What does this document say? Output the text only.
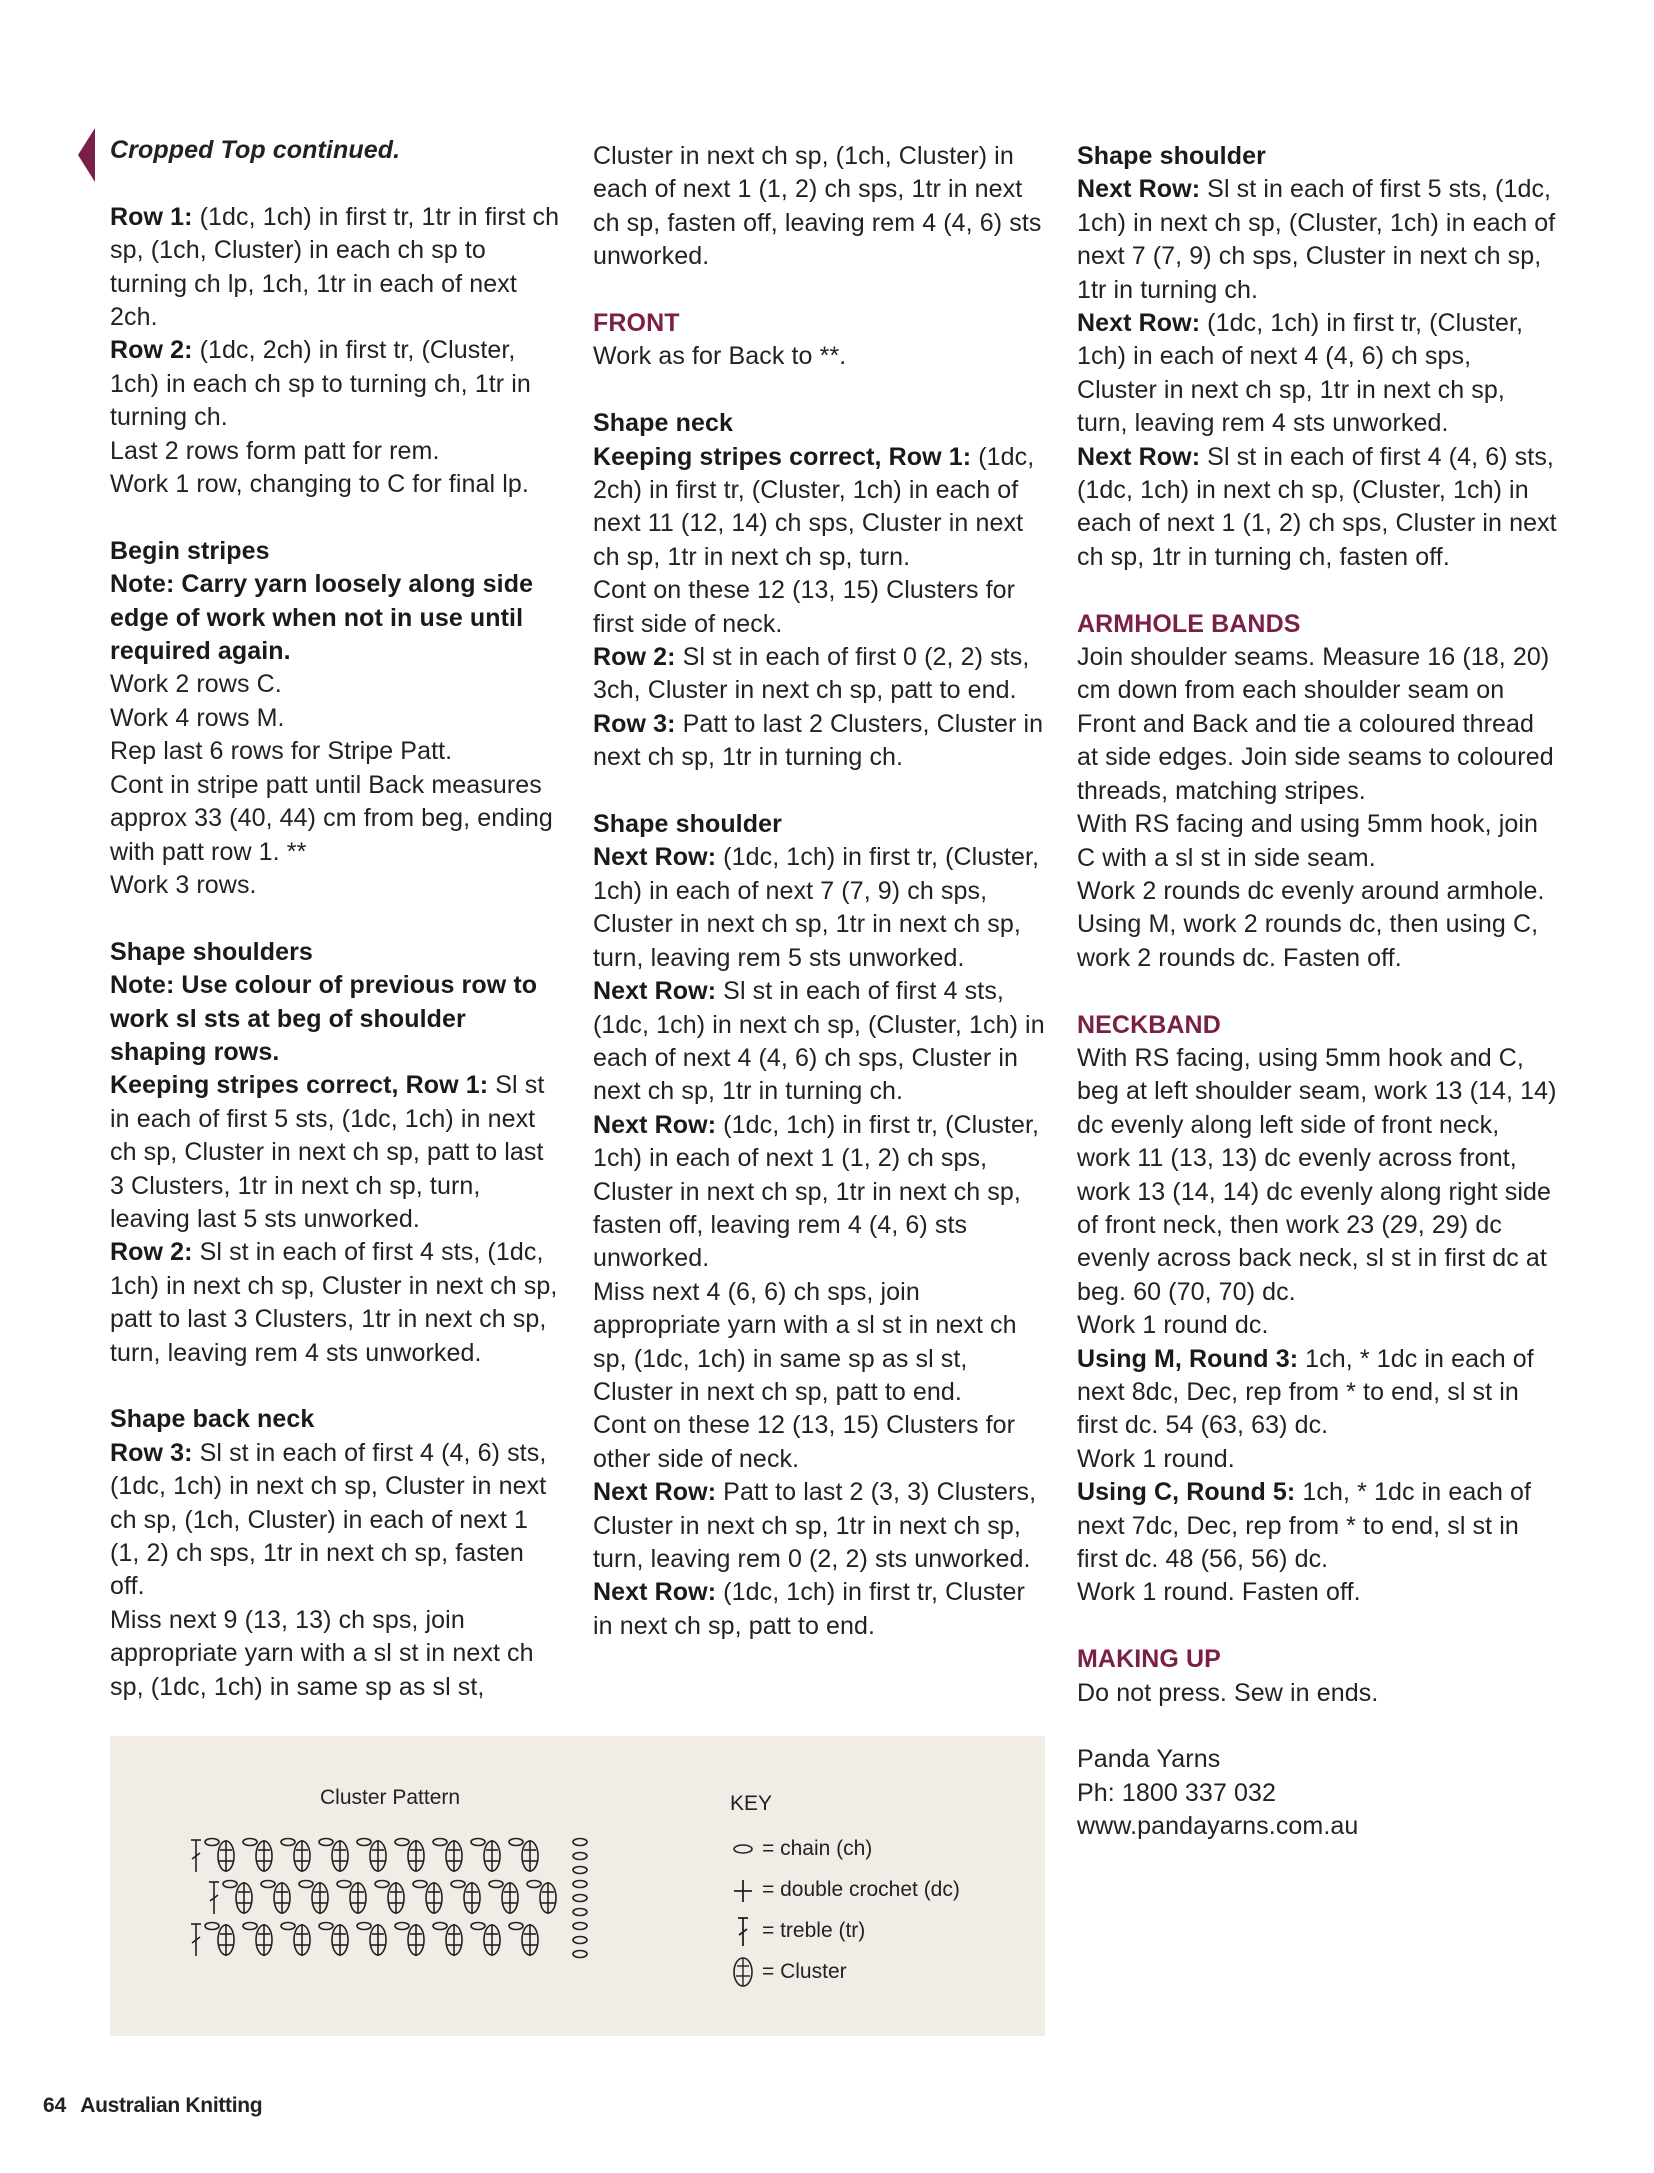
Cropped Top continued.

Row 1: (1dc, 1ch) in first tr, 1tr in first ch sp, (1ch, Cluster) in each ch sp to turning ch lp, 1ch, 1tr in each of next 2ch.

Row 2: (1dc, 2ch) in first tr, (Cluster, 1ch) in each ch sp to turning ch, 1tr in turning ch.

Last 2 rows form patt for rem.

Work 1 row, changing to C for final lp.

Begin stripes

Note: Carry yarn loosely along side edge of work when not in use until required again.

Work 2 rows C.

Work 4 rows M.

Rep last 6 rows for Stripe Patt.

Cont in stripe patt until Back measures approx 33 (40, 44) cm from beg, ending with patt row 1. **

Work 3 rows.

Shape shoulders

Note: Use colour of previous row to work sl sts at beg of shoulder shaping rows.

Keeping stripes correct, Row 1: Sl st in each of first 5 sts, (1dc, 1ch) in next ch sp, Cluster in next ch sp, patt to last 3 Clusters, 1tr in next ch sp, turn, leaving last 5 sts unworked.

Row 2: Sl st in each of first 4 sts, (1dc, 1ch) in next ch sp, Cluster in next ch sp, patt to last 3 Clusters, 1tr in next ch sp, turn, leaving rem 4 sts unworked.

Shape back neck

Row 3: Sl st in each of first 4 (4, 6) sts, (1dc, 1ch) in next ch sp, Cluster in next ch sp, (1ch, Cluster) in each of next 1 (1, 2) ch sps, 1tr in next ch sp, fasten off.

Miss next 9 (13, 13) ch sps, join appropriate yarn with a sl st in next ch sp, (1dc, 1ch) in same sp as sl st,

Cluster in next ch sp, (1ch, Cluster) in each of next 1 (1, 2) ch sps, 1tr in next ch sp, fasten off, leaving rem 4 (4, 6) sts unworked.

FRONT

Work as for Back to **.

Shape neck

Keeping stripes correct, Row 1: (1dc, 2ch) in first tr, (Cluster, 1ch) in each of next 11 (12, 14) ch sps, Cluster in next ch sp, 1tr in next ch sp, turn.

Cont on these 12 (13, 15) Clusters for first side of neck.

Row 2: Sl st in each of first 0 (2, 2) sts, 3ch, Cluster in next ch sp, patt to end.

Row 3: Patt to last 2 Clusters, Cluster in next ch sp, 1tr in turning ch.

Shape shoulder

Next Row: (1dc, 1ch) in first tr, (Cluster, 1ch) in each of next 7 (7, 9) ch sps, Cluster in next ch sp, 1tr in next ch sp, turn, leaving rem 5 sts unworked.

Next Row: Sl st in each of first 4 sts, (1dc, 1ch) in next ch sp, (Cluster, 1ch) in each of next 4 (4, 6) ch sps, Cluster in next ch sp, 1tr in turning ch.

Next Row: (1dc, 1ch) in first tr, (Cluster, 1ch) in each of next 1 (1, 2) ch sps, Cluster in next ch sp, 1tr in next ch sp, fasten off, leaving rem 4 (4, 6) sts unworked.

Miss next 4 (6, 6) ch sps, join appropriate yarn with a sl st in next ch sp, (1dc, 1ch) in same sp as sl st, Cluster in next ch sp, patt to end.

Cont on these 12 (13, 15) Clusters for other side of neck.

Next Row: Patt to last 2 (3, 3) Clusters, Cluster in next ch sp, 1tr in next ch sp, turn, leaving rem 0 (2, 2) sts unworked.

Next Row: (1dc, 1ch) in first tr, Cluster in next ch sp, patt to end.

Shape shoulder

Next Row: Sl st in each of first 5 sts, (1dc, 1ch) in next ch sp, (Cluster, 1ch) in each of next 7 (7, 9) ch sps, Cluster in next ch sp, 1tr in turning ch.

Next Row: (1dc, 1ch) in first tr, (Cluster, 1ch) in each of next 4 (4, 6) ch sps, Cluster in next ch sp, 1tr in next ch sp, turn, leaving rem 4 sts unworked.

Next Row: Sl st in each of first 4 (4, 6) sts, (1dc, 1ch) in next ch sp, (Cluster, 1ch) in each of next 1 (1, 2) ch sps, Cluster in next ch sp, 1tr in turning ch, fasten off.

ARMHOLE BANDS

Join shoulder seams. Measure 16 (18, 20) cm down from each shoulder seam on Front and Back and tie a coloured thread at side edges. Join side seams to coloured threads, matching stripes.

With RS facing and using 5mm hook, join C with a sl st in side seam.

Work 2 rounds dc evenly around armhole.

Using M, work 2 rounds dc, then using C, work 2 rounds dc. Fasten off.

NECKBAND

With RS facing, using 5mm hook and C, beg at left shoulder seam, work 13 (14, 14) dc evenly along left side of front neck, work 11 (13, 13) dc evenly across front, work 13 (14, 14) dc evenly along right side of front neck, then work 23 (29, 29) dc evenly across back neck, sl st in first dc at beg. 60 (70, 70) dc.

Work 1 round dc.

Using M, Round 3: 1ch, * 1dc in each of next 8dc, Dec, rep from * to end, sl st in first dc. 54 (63, 63) dc.

Work 1 round.

Using C, Round 5: 1ch, * 1dc in each of next 7dc, Dec, rep from * to end, sl st in first dc. 48 (56, 56) dc.

Work 1 round. Fasten off.

MAKING UP

Do not press. Sew in ends.

Panda Yarns

Ph: 1800 337 032

www.pandayarns.com.au

Cluster Pattern	KEY
= chain (ch)
= double crochet (dc)
= treble (tr)
= Cluster
64 Australian Knitting
